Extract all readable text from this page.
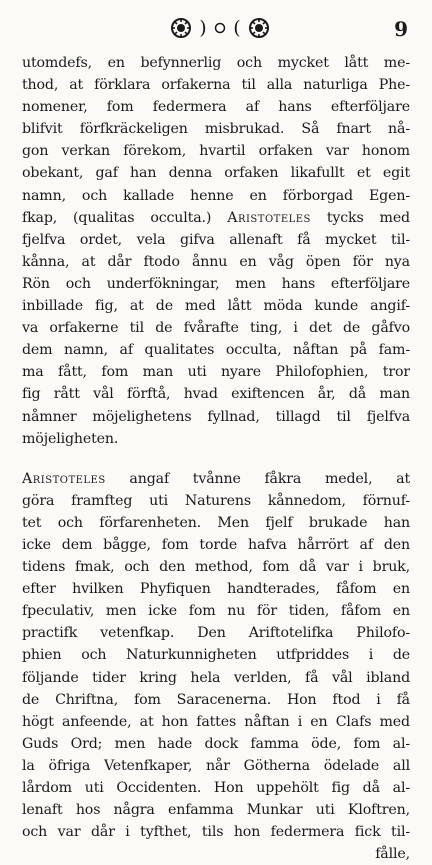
) (	9
utomdefs, en befynnerlig och mycket lått me-
thod, at förklara orfakerna til alla naturliga Phe-
nomener, fom federmera af hans efterföljare
blifvit förfkräckeligen misbrukad. Så fnart nå-
gon verkan förekom, hvartil orfaken var honom
obekant, gaf han denna orfaken likafullt et egit
namn, och kallade henne en förborgad Egen-
fkap, (qualitas occulta.) Aristoteles tycks med
fjelfva ordet, vela gifva allenaft få mycket til-
kånna, at dår ftodo ånnu en våg öpen för nya
Rön och underfökningar, men hans efterföljare
inbillade fig, at de med lått möda kunde angif-
va orfakerne til de fvårafte ting, i det de gåfvo
dem namn, af qualitates occulta, nåftan på fam-
ma fått, fom man uti nyare Philofophien, tror
fig rått vål förftå, hvad exiftencen år, då man
nåmner möjelighetens fyllnad, tillagd til fjelfva
möjeligheten.
Aristoteles angaf tvånne fåkra medel, at
göra framfteg uti Naturens kånnedom, förnuf-
tet och förfarenheten. Men fjelf brukade han
icke dem bågge, fom torde hafva hårrört af den
tidens fmak, och den method, fom då var i bruk,
efter hvilken Phyfiquen handterades, fåfom en
fpeculativ, men icke fom nu för tiden, fåfom en
practifk vetenfkap. Den Ariftotelifka Philofo-
phien och Naturkunnigheten utfpriddes i de
följande tider kring hela verlden, få vål ibland
de Chriftna, fom Saracenerna. Hon ftod i få
högt anfeende, at hon fattes nåftan i en Clafs med
Guds Ord; men hade dock famma öde, fom al-
la öfriga Vetenfkaper, når Götherna ödelade all
lårdom uti Occidenten. Hon uppehölt fig då al-
lenaft hos några enfamma Munkar uti Kloftren,
och var dår i tyfthet, tils hon federmera fick til-
fålle,
